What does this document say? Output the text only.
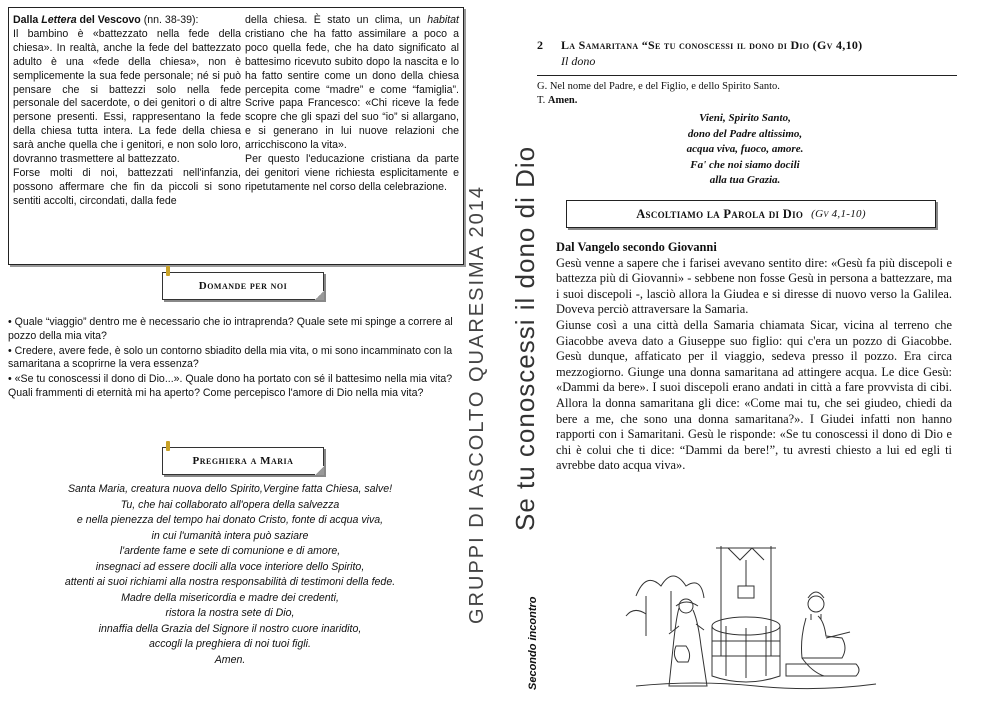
Dalla Lettera del Vescovo (nn. 38-39):

Il bambino è «battezzato nella fede della chiesa». In realtà, anche la fede del battezzato adulto è una «fede della chiesa», non è semplicemente la sua fede personale; né si può pensare che si battezzi solo nella fede personale del sacerdote, o dei genitori o di altre persone presenti. Essi, rappresentano la fede della chiesa tutta intera. La fede della chiesa sarà anche quella che i genitori, e non solo loro, dovranno trasmettere al battezzato.

Forse molti di noi, battezzati nell'infanzia, possono affermare che fin da piccoli si sono sentiti accolti, circondati, dalla fede

della chiesa. È stato un clima, un habitat cristiano che ha fatto assimilare a poco a poco quella fede, che ha dato significato al battesimo ricevuto subito dopo la nascita e lo ha fatto sentire come un dono della chiesa percepita come “madre” e come “famiglia”. Scrive papa Francesco: «Chi riceve la fede scopre che gli spazi del suo “io” si allargano, e si generano in lui nuove relazioni che arricchiscono la vita».

Per questo l'educazione cristiana da parte dei genitori viene richiesta esplicitamente e ripetutamente nel corso della celebrazione.

Domande per noi

• Quale “viaggio” dentro me è necessario che io intraprenda? Quale sete mi spinge a correre al pozzo della mia vita?

• Credere, avere fede, è solo un contorno sbiadito della mia vita, o mi sono incamminato con la samaritana a scoprirne la vera essenza?

• «Se tu conoscessi il dono di Dio...». Quale dono ha portato con sé il battesimo nella mia vita? Quali frammenti di eternità mi ha aperto? Come percepisco l'amore di Dio nella mia vita?

Preghiera a Maria
Santa Maria, creatura nuova dello Spirito,Vergine fatta Chiesa, salve!
Tu, che hai collaborato all'opera della salvezza
e nella pienezza del tempo hai donato Cristo, fonte di acqua viva,
in cui l'umanità intera può saziare
l'ardente fame e sete di comunione e di amore,
insegnaci ad essere docili alla voce interiore dello Spirito,
attenti ai suoi richiami alla nostra responsabilità di testimoni della fede.
Madre della misericordia e madre dei credenti,
ristora la nostra sete di Dio,
innaffia della Grazia del Signore il nostro cuore inaridito,
accogli la preghiera di noi tuoi figli.
Amen.
GRUPPI DI ASCOLTO QUARESIMA 2014 Se tu conoscessi il dono di Dio
Secondo incontro
2 La Samaritana “Se tu conoscessi il dono di Dio (Gv 4,10)
Il dono
G. Nel nome del Padre, e del Figlio, e dello Spirito Santo.
T. Amen.
Vieni, Spirito Santo,
dono del Padre altissimo,
acqua viva, fuoco, amore.
Fa' che noi siamo docili
alla tua Grazia.
Ascoltiamo la Parola di Dio (Gv 4,1-10)

Dal Vangelo secondo Giovanni

Gesù venne a sapere che i farisei avevano sentito dire: «Gesù fa più discepoli e battezza più di Giovanni» - sebbene non fosse Gesù in persona a battezzare, ma i suoi discepoli -, lasciò allora la Giudea e si diresse di nuovo verso la Galilea. Doveva perciò attraversare la Samaria.

Giunse così a una città della Samaria chiamata Sicar, vicina al terreno che Giacobbe aveva dato a Giuseppe suo figlio: qui c'era un pozzo di Giacobbe. Gesù dunque, affaticato per il viaggio, sedeva presso il pozzo. Era circa mezzogiorno. Giunge una donna samaritana ad attingere acqua. Le dice Gesù: «Dammi da bere». I suoi discepoli erano andati in città a fare provvista di cibi. Allora la donna samaritana gli dice: «Come mai tu, che sei giudeo, chiedi da bere a me, che sono una donna samaritana?». I Giudei infatti non hanno rapporti con i Samaritani. Gesù le risponde: «Se tu conoscessi il dono di Dio e chi è colui che ti dice: “Dammi da bere!”, tu avresti chiesto a lui ed egli ti avrebbe dato acqua viva».
